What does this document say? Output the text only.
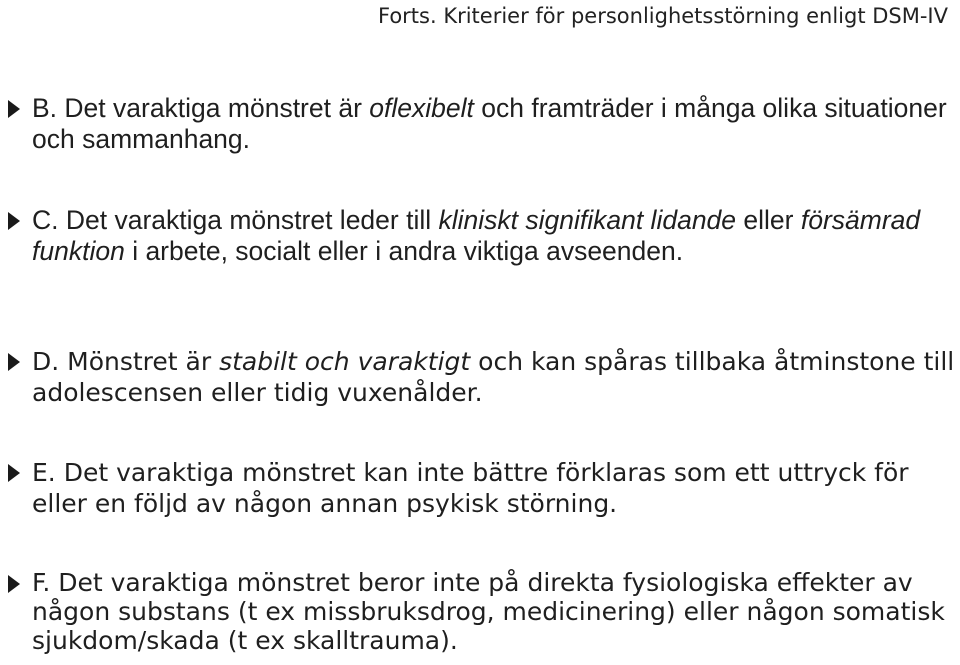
Forts. Kriterier för personlighetsstörning enligt DSM-IV
B. Det varaktiga mönstret är oflexibelt och framträder i många olika situationer och sammanhang.
C. Det varaktiga mönstret leder till kliniskt signifikant lidande eller försämrad funktion i arbete, socialt eller i andra viktiga avseenden.
D. Mönstret är stabilt och varaktigt och kan spåras tillbaka åtminstone till adolescensen eller tidig vuxenålder.
E. Det varaktiga mönstret kan inte bättre förklaras som ett uttryck för eller en följd av någon annan psykisk störning.
F. Det varaktiga mönstret beror inte på direkta fysiologiska effekter av någon substans (t ex missbruksdrog, medicinering) eller någon somatisk sjukdom/skada (t ex skalltrauma).
